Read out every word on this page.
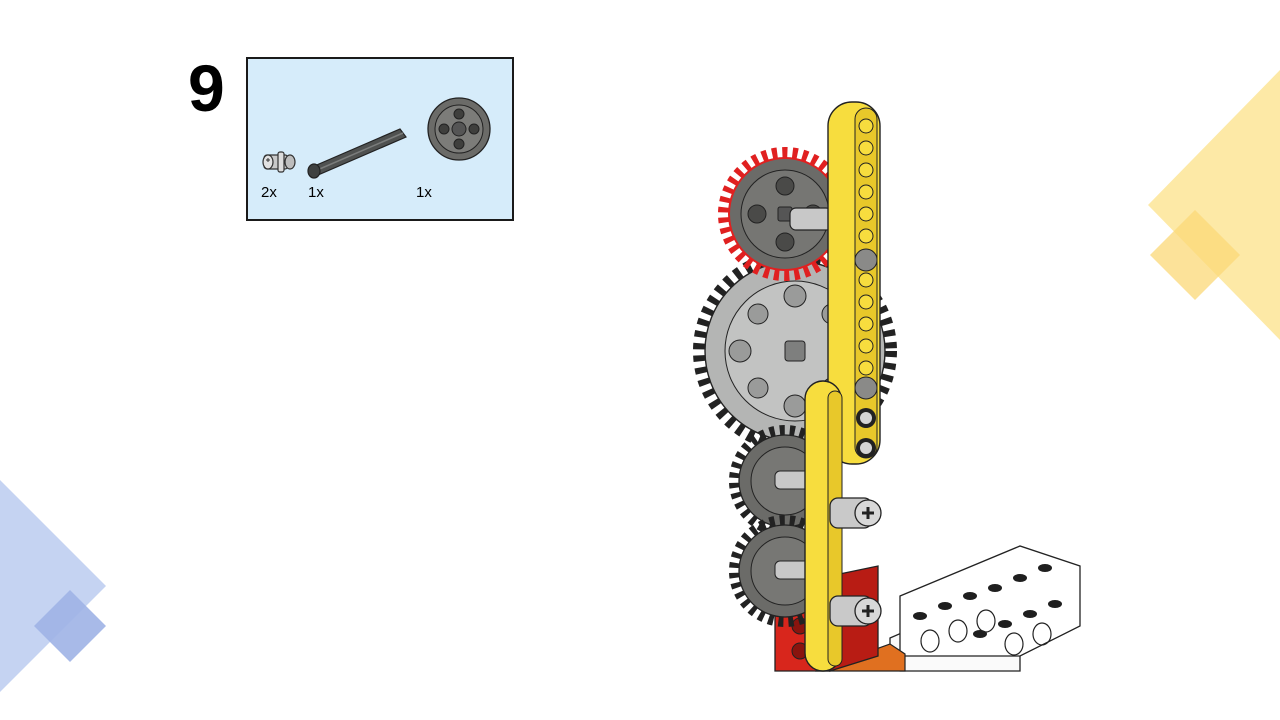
9
2x 1x	1x
